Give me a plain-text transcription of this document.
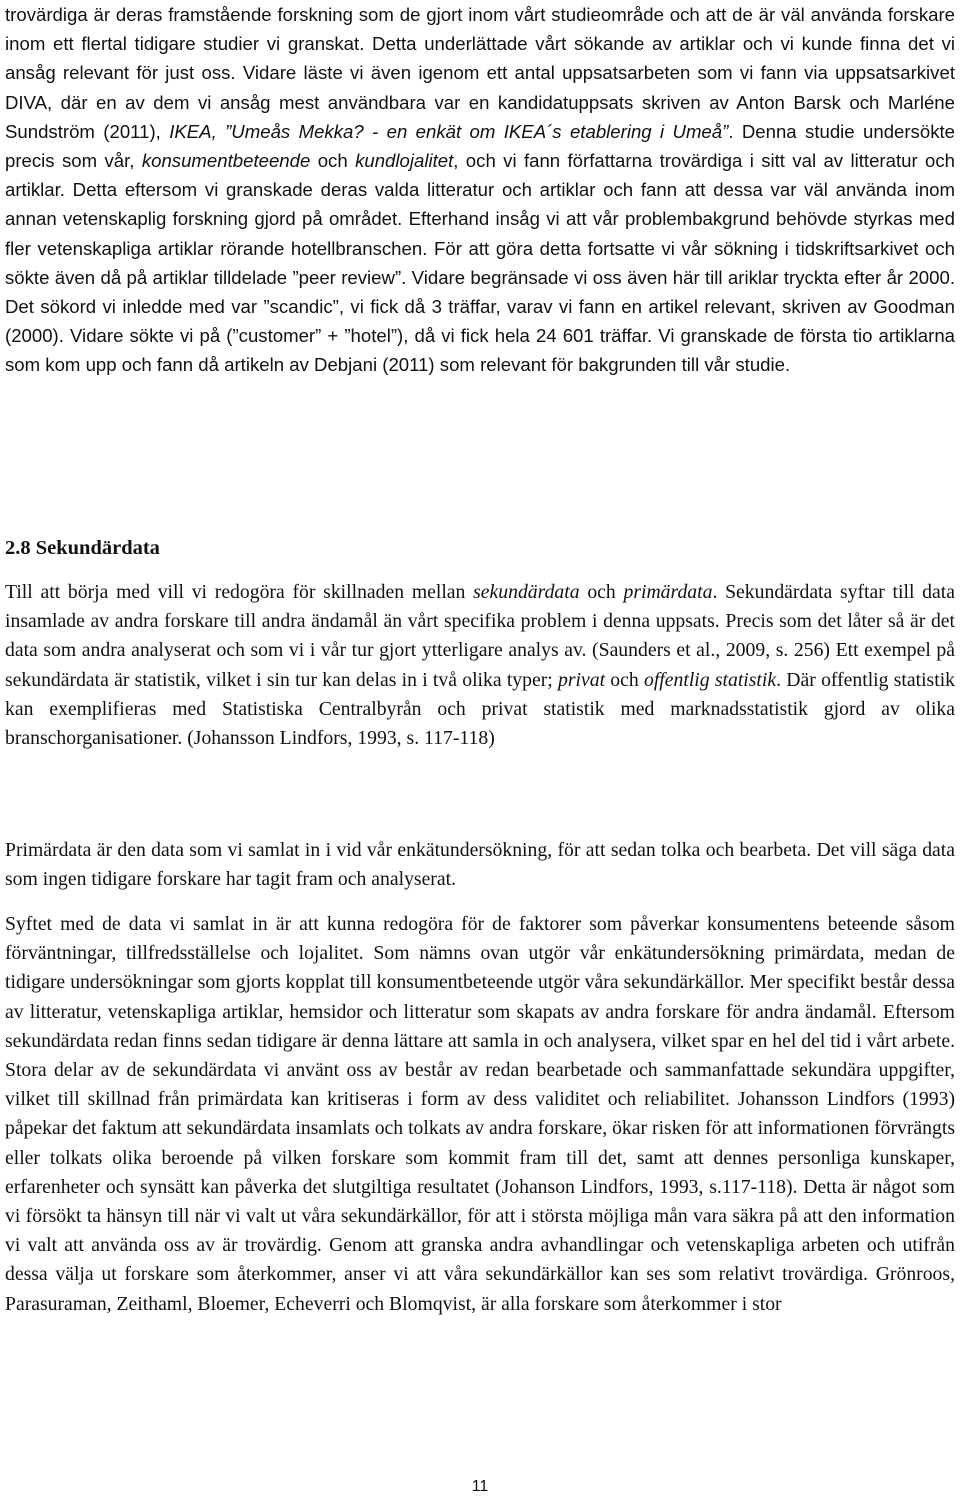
trovärdiga är deras framstående forskning som de gjort inom vårt studieområde och att de är väl använda forskare inom ett flertal tidigare studier vi granskat. Detta underlättade vårt sökande av artiklar och vi kunde finna det vi ansåg relevant för just oss. Vidare läste vi även igenom ett antal uppsatsarbeten som vi fann via uppsatsarkivet DIVA, där en av dem vi ansåg mest användbara var en kandidatuppsats skriven av Anton Barsk och Marléne Sundström (2011), IKEA, ”Umeås Mekka? - en enkät om IKEA´s etablering i Umeå”. Denna studie undersökte precis som vår, konsumentbeteende och kundlojalitet, och vi fann författarna trovärdiga i sitt val av litteratur och artiklar. Detta eftersom vi granskade deras valda litteratur och artiklar och fann att dessa var väl använda inom annan vetenskaplig forskning gjord på området. Efterhand insåg vi att vår problembakgrund behövde styrkas med fler vetenskapliga artiklar rörande hotellbranschen. För att göra detta fortsatte vi vår sökning i tidskriftsarkivet och sökte även då på artiklar tilldelade ”peer review”. Vidare begränsade vi oss även här till ariklar tryckta efter år 2000. Det sökord vi inledde med var ”scandic”, vi fick då 3 träffar, varav vi fann en artikel relevant, skriven av Goodman (2000). Vidare sökte vi på (”customer” + ”hotel”), då vi fick hela 24 601 träffar. Vi granskade de första tio artiklarna som kom upp och fann då artikeln av Debjani (2011) som relevant för bakgrunden till vår studie.

2.8 Sekundärdata

Till att börja med vill vi redogöra för skillnaden mellan sekundärdata och primärdata. Sekundärdata syftar till data insamlade av andra forskare till andra ändamål än vårt specifika problem i denna uppsats. Precis som det låter så är det data som andra analyserat och som vi i vår tur gjort ytterligare analys av. (Saunders et al., 2009, s. 256) Ett exempel på sekundärdata är statistik, vilket i sin tur kan delas in i två olika typer; privat och offentlig statistik. Där offentlig statistik kan exemplifieras med Statistiska Centralbyrån och privat statistik med marknadsstatistik gjord av olika branschorganisationer. (Johansson Lindfors, 1993, s. 117-118)

Primärdata är den data som vi samlat in i vid vår enkätundersökning, för att sedan tolka och bearbeta. Det vill säga data som ingen tidigare forskare har tagit fram och analyserat.

Syftet med de data vi samlat in är att kunna redogöra för de faktorer som påverkar konsumentens beteende såsom förväntningar, tillfredsställelse och lojalitet. Som nämns ovan utgör vår enkätundersökning primärdata, medan de tidigare undersökningar som gjorts kopplat till konsumentbeteende utgör våra sekundärkällor. Mer specifikt består dessa av litteratur, vetenskapliga artiklar, hemsidor och litteratur som skapats av andra forskare för andra ändamål. Eftersom sekundärdata redan finns sedan tidigare är denna lättare att samla in och analysera, vilket spar en hel del tid i vårt arbete. Stora delar av de sekundärdata vi använt oss av består av redan bearbetade och sammanfattade sekundära uppgifter, vilket till skillnad från primärdata kan kritiseras i form av dess validitet och reliabilitet. Johansson Lindfors (1993) påpekar det faktum att sekundärdata insamlats och tolkats av andra forskare, ökar risken för att informationen förvrängts eller tolkats olika beroende på vilken forskare som kommit fram till det, samt att dennes personliga kunskaper, erfarenheter och synsätt kan påverka det slutgiltiga resultatet (Johanson Lindfors, 1993, s.117-118). Detta är något som vi försökt ta hänsyn till när vi valt ut våra sekundärkällor, för att i största möjliga mån vara säkra på att den information vi valt att använda oss av är trovärdig. Genom att granska andra avhandlingar och vetenskapliga arbeten och utifrån dessa välja ut forskare som återkommer, anser vi att våra sekundärkällor kan ses som relativt trovärdiga. Grönroos, Parasuraman, Zeithaml, Bloemer, Echeverri och Blomqvist, är alla forskare som återkommer i stor

11
